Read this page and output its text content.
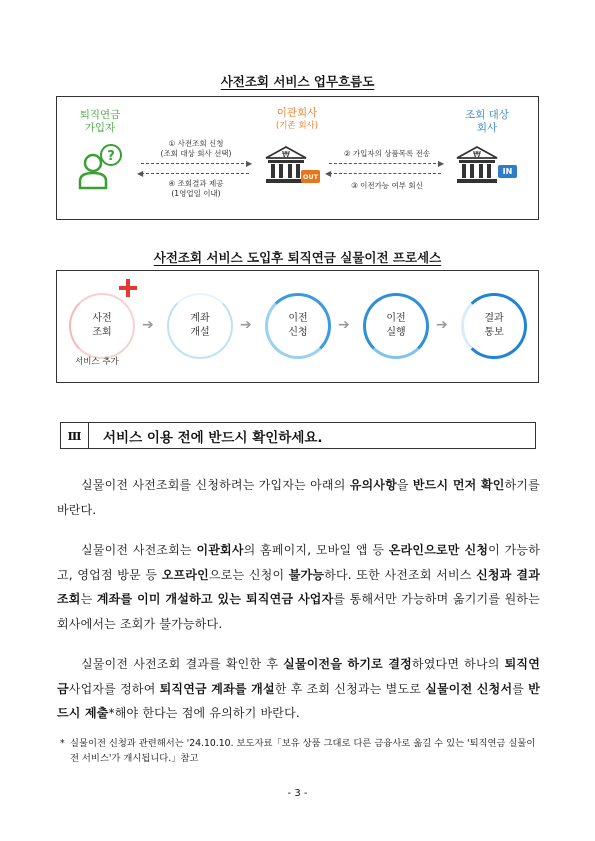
사전조회 서비스 업무흐름도
퇴직연금
가입자
?
① 사전조회 신청
(조회 대상 회사 선택)
▶
◀
④ 조회결과 제공
(1영업일 이내)
이관회사
(기존 회사)
₩
OUT
② 가입자의 상품목록 전송
▶
◀
③ 이전가능 여부 회신
조회 대상
회사
₩
IN
사전조회 서비스 도입후 퇴직연금 실물이전 프로세스
사전
조회
서비스 추가
➔	계좌
개설 ➔	이전
신청 ➔	이전
실행 ➔	결과
통보
Ⅲ	서비스 이용 전에 반드시 확인하세요.
실물이전 사전조회를 신청하려는 가입자는 아래의 유의사항을 반드시 먼저 확인하기를 바란다.
실물이전 사전조회는 이관회사의 홈페이지, 모바일 앱 등 온라인으로만 신청이 가능하고, 영업점 방문 등 오프라인으로는 신청이 불가능하다. 또한 사전조회 서비스 신청과 결과조회는 계좌를 이미 개설하고 있는 퇴직연금 사업자를 통해서만 가능하며 옮기기를 원하는 회사에서는 조회가 불가능하다.
실물이전 사전조회 결과를 확인한 후 실물이전을 하기로 결정하였다면 하나의 퇴직연금사업자를 정하여 퇴직연금 계좌를 개설한 후 조회 신청과는 별도로 실물이전 신청서를 반드시 제출*해야 한다는 점에 유의하기 바란다.
* 실물이전 신청과 관련해서는 '24.10.10. 보도자료「보유 상품 그대로 다른 금융사로 옮길 수 있는 '퇴직연금 실물이전 서비스'가 개시됩니다.」참고
- 3 -
